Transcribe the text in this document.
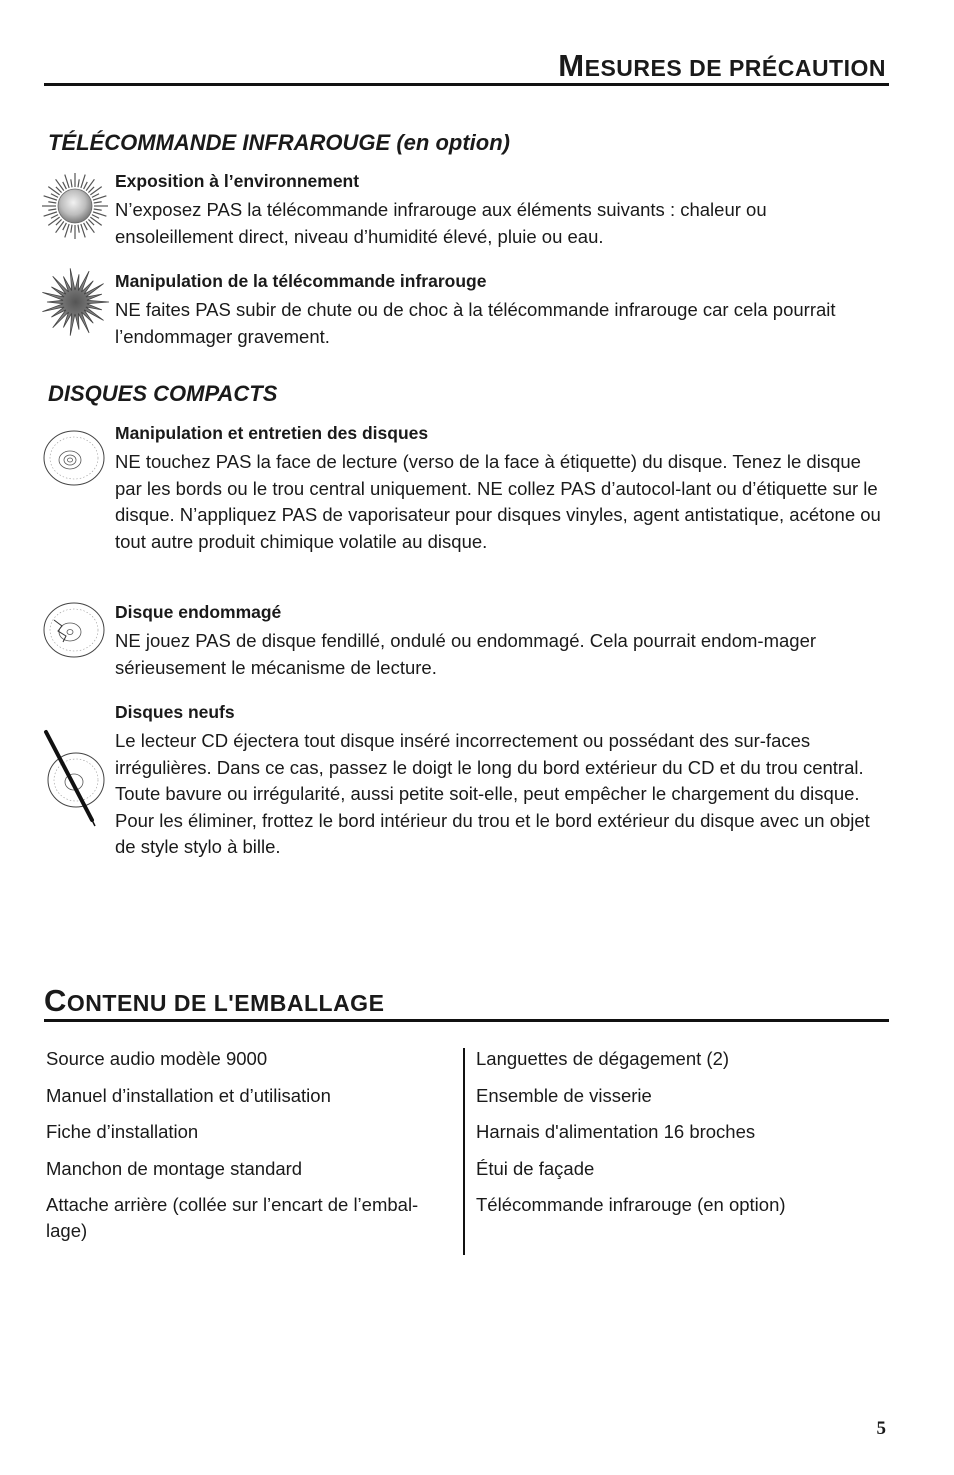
MESURES DE PRÉCAUTION
TÉLÉCOMMANDE INFRAROUGE (en option)
Exposition à l’environnement
N’exposez PAS la télécommande infrarouge aux éléments suivants : chaleur ou ensoleillement direct, niveau d’humidité élevé, pluie ou eau.
Manipulation de la télécommande infrarouge
NE faites PAS subir de chute ou de choc à la télécommande infrarouge car cela pourrait l’endommager gravement.
DISQUES COMPACTS
Manipulation et entretien des disques
NE touchez PAS la face de lecture (verso de la face à étiquette) du disque. Tenez le disque par les bords ou le trou central uniquement. NE collez PAS d’autocol-lant ou d’étiquette sur le disque. N’appliquez PAS de vaporisateur pour disques vinyles, agent antistatique, acétone ou tout autre produit chimique volatile au disque.
Disque endommagé
NE jouez PAS de disque fendillé, ondulé ou endommagé. Cela pourrait endom-mager sérieusement le mécanisme de lecture.
Disques neufs
Le lecteur CD éjectera tout disque inséré incorrectement ou possédant des sur-faces irrégulières. Dans ce cas, passez le doigt le long du bord extérieur du CD et du trou central. Toute bavure ou irrégularité, aussi petite soit-elle, peut empêcher le chargement du disque. Pour les éliminer, frottez le bord intérieur du trou et le bord extérieur du disque avec un objet de style stylo à bille.
CONTENU DE L'EMBALLAGE
Source audio modèle 9000
Manuel d’installation et d’utilisation
Fiche d’installation
Manchon de montage standard
Attache arrière (collée sur l’encart de l’embal-lage)
Languettes de dégagement (2)
Ensemble de visserie
Harnais d'alimentation 16 broches
Étui de façade
Télécommande infrarouge (en option)
5
